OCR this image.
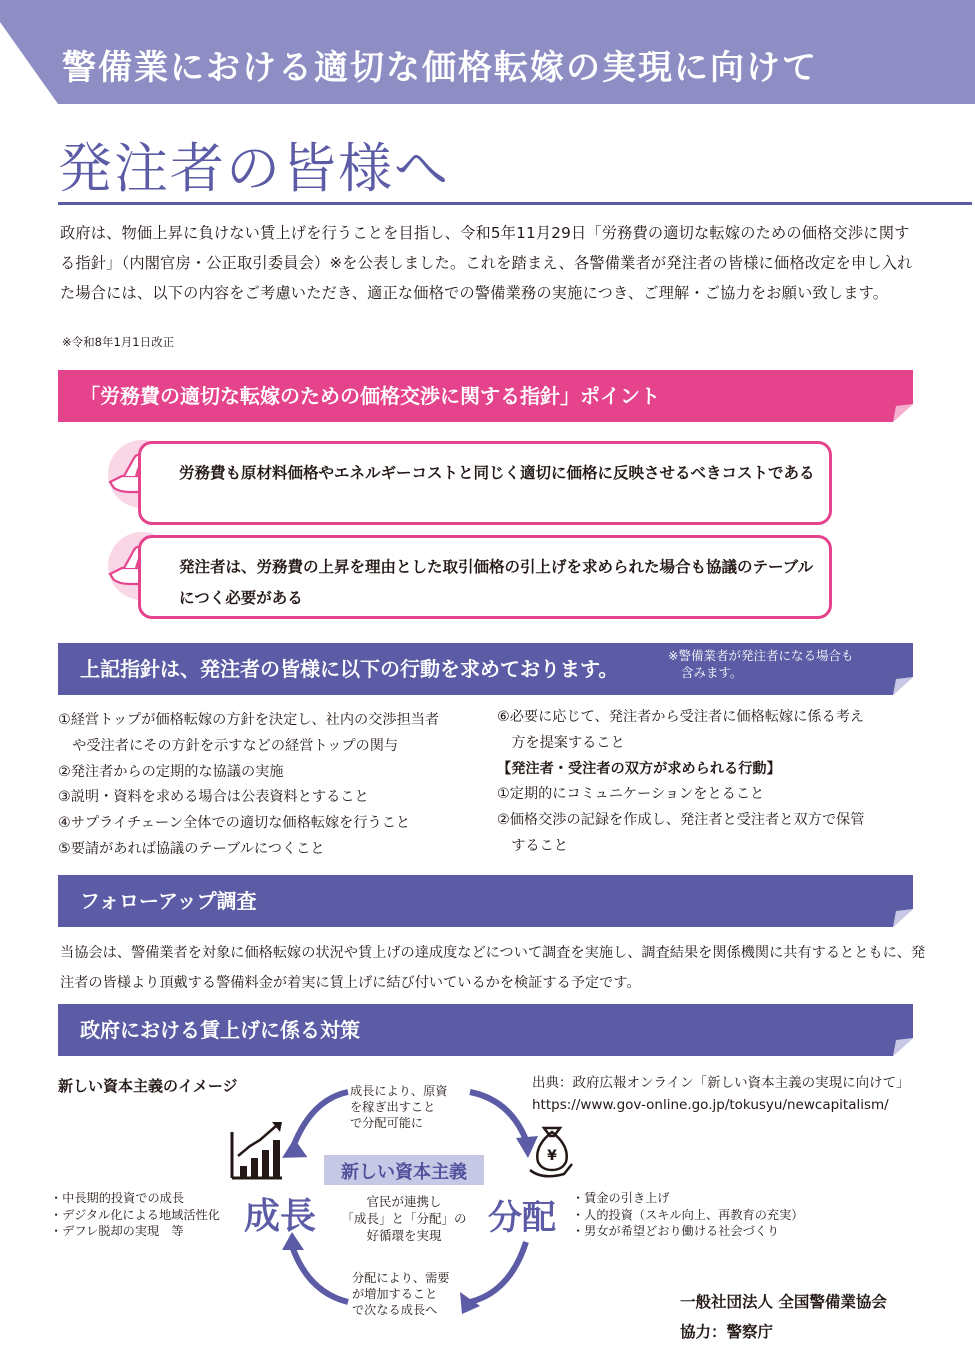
警備業における適切な価格転嫁の実現に向けて
発注者の皆様へ
政府は、物価上昇に負けない賃上げを行うことを目指し、令和5年11月29日「労務費の適切な転嫁のための価格交渉に関する指針」（内閣官房・公正取引委員会）※を公表しました。これを踏まえ、各警備業者が発注者の皆様に価格改定を申し入れた場合には、以下の内容をご考慮いただき、適正な価格での警備業務の実施につき、ご理解・ご協力をお願い致します。
※令和8年1月1日改正
「労務費の適切な転嫁のための価格交渉に関する指針」ポイント
労務費も原材料価格やエネルギーコストと同じく適切に価格に反映させるべきコストである
発注者は、労務費の上昇を理由とした取引価格の引上げを求められた場合も協議のテーブルにつく必要がある
上記指針は、発注者の皆様に以下の行動を求めております。
※警備業者が発注者になる場合も
含みます。
①経営トップが価格転嫁の方針を決定し、社内の交渉担当者
　や受注者にその方針を示すなどの経営トップの関与
②発注者からの定期的な協議の実施
③説明・資料を求める場合は公表資料とすること
④サプライチェーン全体での適切な価格転嫁を行うこと
⑤要請があれば協議のテーブルにつくこと
⑥必要に応じて、発注者から受注者に価格転嫁に係る考え
　方を提案すること
【発注者・受注者の双方が求められる行動】
①定期的にコミュニケーションをとること
②価格交渉の記録を作成し、発注者と受注者と双方で保管
　すること
フォローアップ調査
当協会は、警備業者を対象に価格転嫁の状況や賃上げの達成度などについて調査を実施し、調査結果を関係機関に共有するとともに、発注者の皆様より頂戴する警備料金が着実に賃上げに結び付いているかを検証する予定です。
政府における賃上げに係る対策
新しい資本主義のイメージ	出典：政府広報オンライン「新しい資本主義の実現に向けて」
https://www.gov-online.go.jp/tokusyu/newcapitalism/
¥
新しい資本主義
官民が連携し
「成長」と「分配」の
好循環を実現
成長	分配
成長により、原資
を稼ぎ出すこと
で分配可能に
分配により、需要
が増加すること
で次なる成長へ
・中長期的投資での成長
・デジタル化による地域活性化
・デフレ脱却の実現　等
・賃金の引き上げ
・人的投資（スキル向上、再教育の充実）
・男女が希望どおり働ける社会づくり
一般社団法人 全国警備業協会
協力：警察庁
